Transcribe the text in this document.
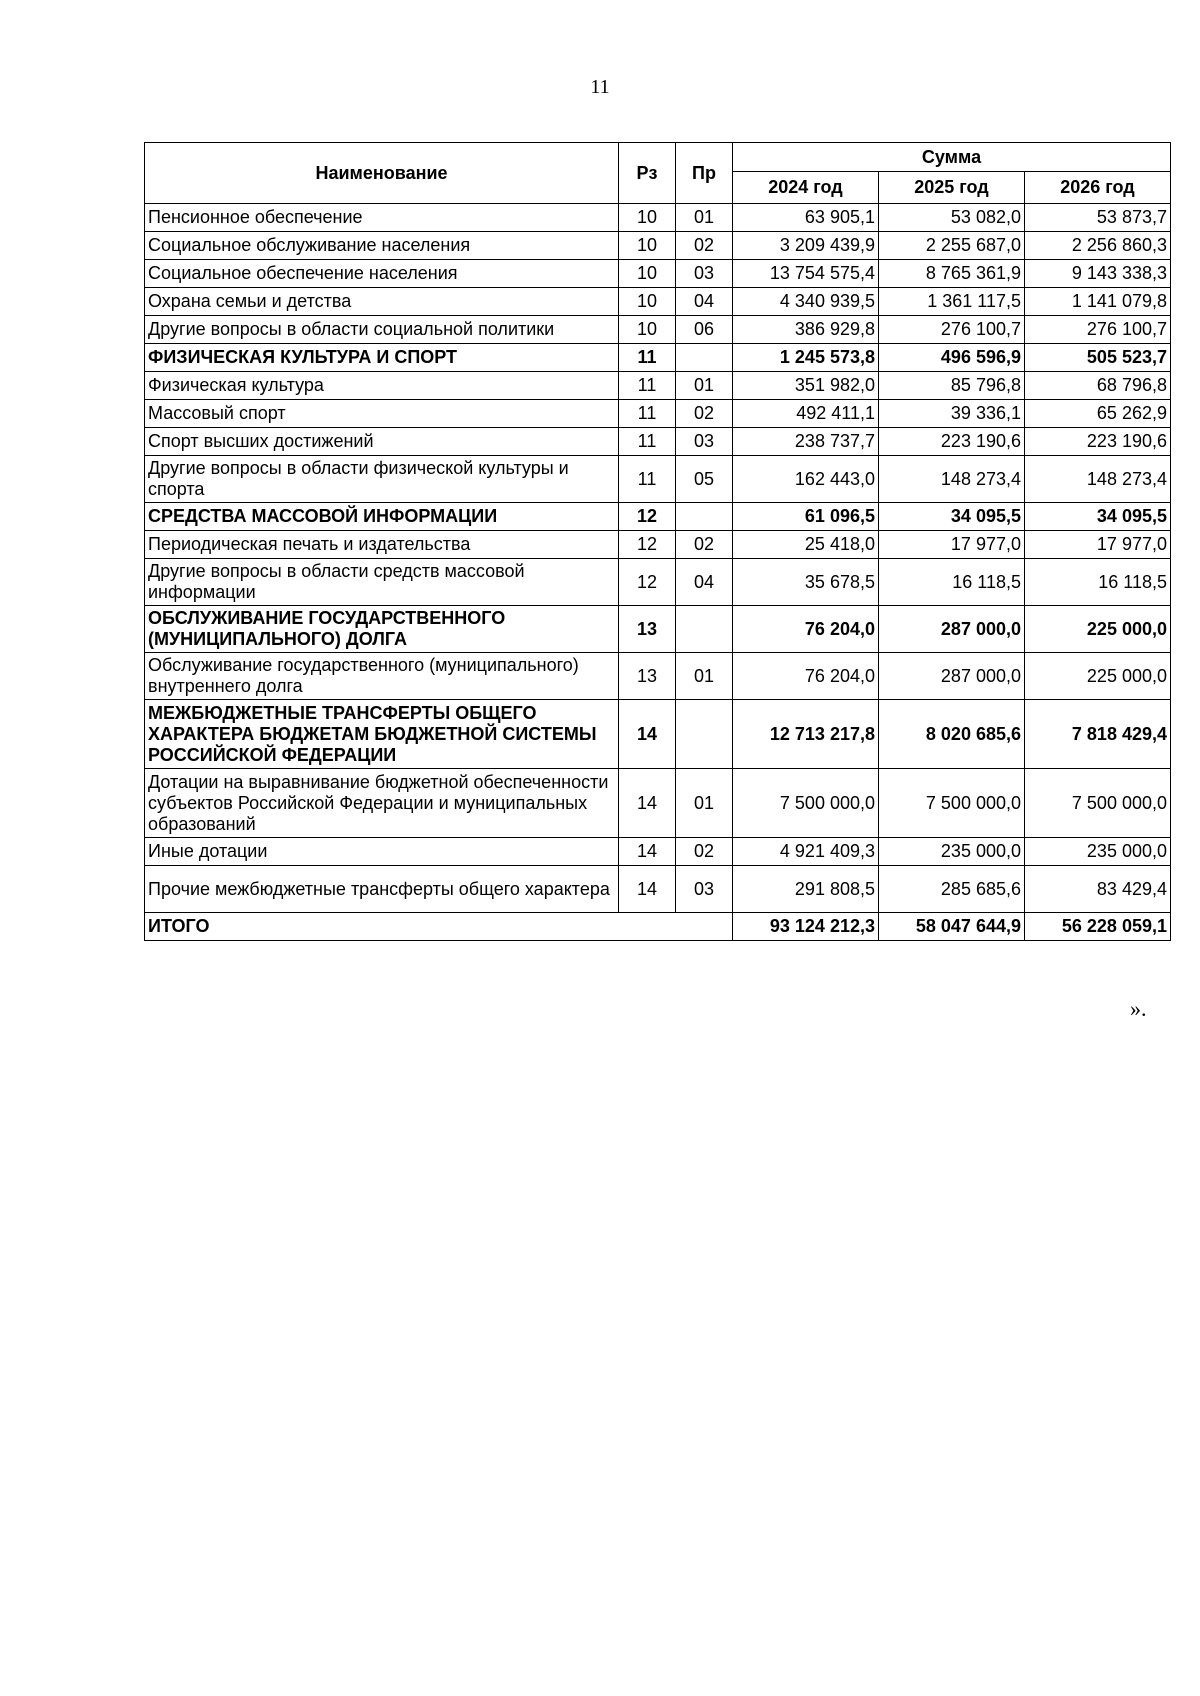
11
Наименование	Рз	Пр	Сумма		
			2024 год	2025 год	2026 год
Пенсионное обеспечение	10	01	63 905,1	53 082,0	53 873,7
Социальное обслуживание населения	10	02	3 209 439,9	2 255 687,0	2 256 860,3
Социальное обеспечение населения	10	03	13 754 575,4	8 765 361,9	9 143 338,3
Охрана семьи и детства	10	04	4 340 939,5	1 361 117,5	1 141 079,8
Другие вопросы в области социальной политики	10	06	386 929,8	276 100,7	276 100,7
ФИЗИЧЕСКАЯ КУЛЬТУРА И СПОРТ	11		1 245 573,8	496 596,9	505 523,7
Физическая культура	11	01	351 982,0	85 796,8	68 796,8
Массовый спорт	11	02	492 411,1	39 336,1	65 262,9
Спорт высших достижений	11	03	238 737,7	223 190,6	223 190,6
Другие вопросы в области физической культуры и спорта	11	05	162 443,0	148 273,4	148 273,4
СРЕДСТВА МАССОВОЙ ИНФОРМАЦИИ	12		61 096,5	34 095,5	34 095,5
Периодическая печать и издательства	12	02	25 418,0	17 977,0	17 977,0
Другие вопросы в области средств массовой информации	12	04	35 678,5	16 118,5	16 118,5
ОБСЛУЖИВАНИЕ ГОСУДАРСТВЕННОГО (МУНИЦИПАЛЬНОГО) ДОЛГА	13		76 204,0	287 000,0	225 000,0
Обслуживание государственного (муниципального) внутреннего долга	13	01	76 204,0	287 000,0	225 000,0
МЕЖБЮДЖЕТНЫЕ ТРАНСФЕРТЫ ОБЩЕГО ХАРАКТЕРА БЮДЖЕТАМ БЮДЖЕТНОЙ СИСТЕМЫ РОССИЙСКОЙ ФЕДЕРАЦИИ	14		12 713 217,8	8 020 685,6	7 818 429,4
Дотации на выравнивание бюджетной обеспеченности субъектов Российской Федерации и муниципальных образований	14	01	7 500 000,0	7 500 000,0	7 500 000,0
Иные дотации	14	02	4 921 409,3	235 000,0	235 000,0
Прочие межбюджетные трансферты общего характера	14	03	291 808,5	285 685,6	83 429,4
ИТОГО			93 124 212,3	58 047 644,9	56 228 059,1
».
